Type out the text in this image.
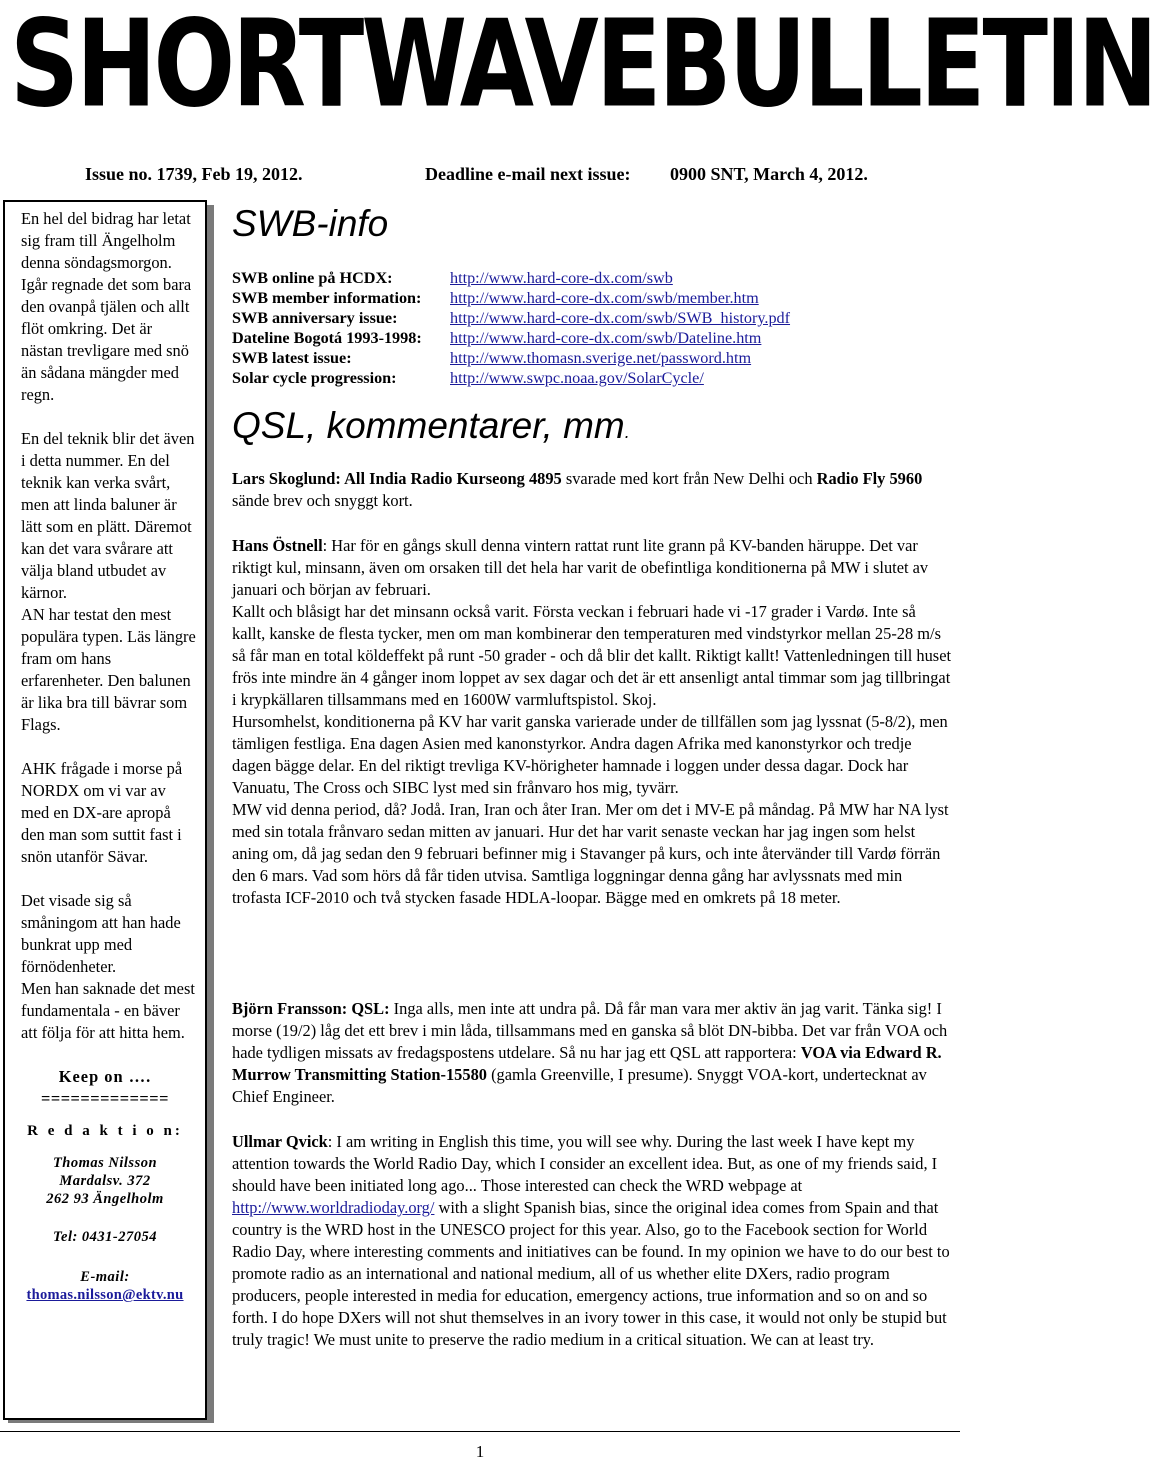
SHORTWAVE BULLETIN
Issue no. 1739, Feb 19, 2012.	Deadline e-mail next issue: 0900 SNT, March 4, 2012.

En hel del bidrag har letat sig fram till Ängelholm denna söndagsmorgon. Igår regnade det som bara den ovanpå tjälen och allt flöt omkring. Det är nästan trevligare med snö än sådana mängder med regn.

En del teknik blir det även i detta nummer. En del teknik kan verka svårt, men att linda baluner är lätt som en plätt. Däremot kan det vara svårare att välja bland utbudet av kärnor.

AN har testat den mest populära typen. Läs längre fram om hans erfarenheter. Den balunen är lika bra till bävrar som Flags.

AHK frågade i morse på NORDX om vi var av med en DX-are apropå den man som suttit fast i snön utanför Sävar.

Det visade sig så småningom att han hade bunkrat upp med förnödenheter.

Men han saknade det mest fundamentala - en bäver att följa för att hitta hem.

Keep on ….
=============
R e d a k t i o n:
Thomas Nilsson
Mardalsv. 372
262 93 Ängelholm
Tel: 0431-27054
E-mail:
thomas.nilsson@ektv.nu
SWB-info
SWB online på HCDX:	http://www.hard-core-dx.com/swb
SWB member information:	http://www.hard-core-dx.com/swb/member.htm
SWB anniversary issue:	http://www.hard-core-dx.com/swb/SWB_history.pdf
Dateline Bogotá 1993-1998:	http://www.hard-core-dx.com/swb/Dateline.htm
SWB latest issue:	http://www.thomasn.sverige.net/password.htm
Solar cycle progression:	http://www.swpc.noaa.gov/SolarCycle/
QSL, kommentarer, mm.

Lars Skoglund: All India Radio Kurseong 4895 svarade med kort från New Delhi och Radio Fly 5960 sände brev och snyggt kort.

Hans Östnell: Har för en gångs skull denna vintern rattat runt lite grann på KV-banden häruppe. Det var riktigt kul, minsann, även om orsaken till det hela har varit de obefintliga konditionerna på MW i slutet av januari och början av februari.

Kallt och blåsigt har det minsann också varit. Första veckan i februari hade vi -17 grader i Vardø. Inte så kallt, kanske de flesta tycker, men om man kombinerar den temperaturen med vindstyrkor mellan 25-28 m/s så får man en total köldeffekt på runt -50 grader - och då blir det kallt. Riktigt kallt! Vattenledningen till huset frös inte mindre än 4 gånger inom loppet av sex dagar och det är ett ansenligt antal timmar som jag tillbringat i krypkällaren tillsammans med en 1600W varmluftspistol. Skoj.

Hursomhelst, konditionerna på KV har varit ganska varierade under de tillfällen som jag lyssnat (5-8/2), men tämligen festliga. Ena dagen Asien med kanonstyrkor. Andra dagen Afrika med kanonstyrkor och tredje dagen bägge delar. En del riktigt trevliga KV-hörigheter hamnade i loggen under dessa dagar. Dock har Vanuatu, The Cross och SIBC lyst med sin frånvaro hos mig, tyvärr.

MW vid denna period, då? Jodå. Iran, Iran och åter Iran. Mer om det i MV-E på måndag. På MW har NA lyst med sin totala frånvaro sedan mitten av januari. Hur det har varit senaste veckan har jag ingen som helst aning om, då jag sedan den 9 februari befinner mig i Stavanger på kurs, och inte återvänder till Vardø förrän den 6 mars. Vad som hörs då får tiden utvisa. Samtliga loggningar denna gång har avlyssnats med min trofasta ICF-2010 och två stycken fasade HDLA-loopar. Bägge med en omkrets på 18 meter.

Björn Fransson: QSL: Inga alls, men inte att undra på. Då får man vara mer aktiv än jag varit. Tänka sig! I morse (19/2) låg det ett brev i min låda, tillsammans med en ganska så blöt DN-bibba. Det var från VOA och hade tydligen missats av fredagspostens utdelare. Så nu har jag ett QSL att rapportera: VOA via Edward R. Murrow Transmitting Station-15580 (gamla Greenville, I presume). Snyggt VOA-kort, undertecknat av Chief Engineer.

Ullmar Qvick: I am writing in English this time, you will see why. During the last week I have kept my attention towards the World Radio Day, which I consider an excellent idea. But, as one of my friends said, I should have been initiated long ago... Those interested can check the WRD webpage at http://www.worldradioday.org/ with a slight Spanish bias, since the original idea comes from Spain and that country is the WRD host in the UNESCO project for this year. Also, go to the Facebook section for World Radio Day, where interesting comments and initiatives can be found. In my opinion we have to do our best to promote radio as an international and national medium, all of us whether elite DXers, radio program producers, people interested in media for education, emergency actions, true information and so on and so forth. I do hope DXers will not shut themselves in an ivory tower in this case, it would not only be stupid but truly tragic! We must unite to preserve the radio medium in a critical situation. We can at least try.

1
